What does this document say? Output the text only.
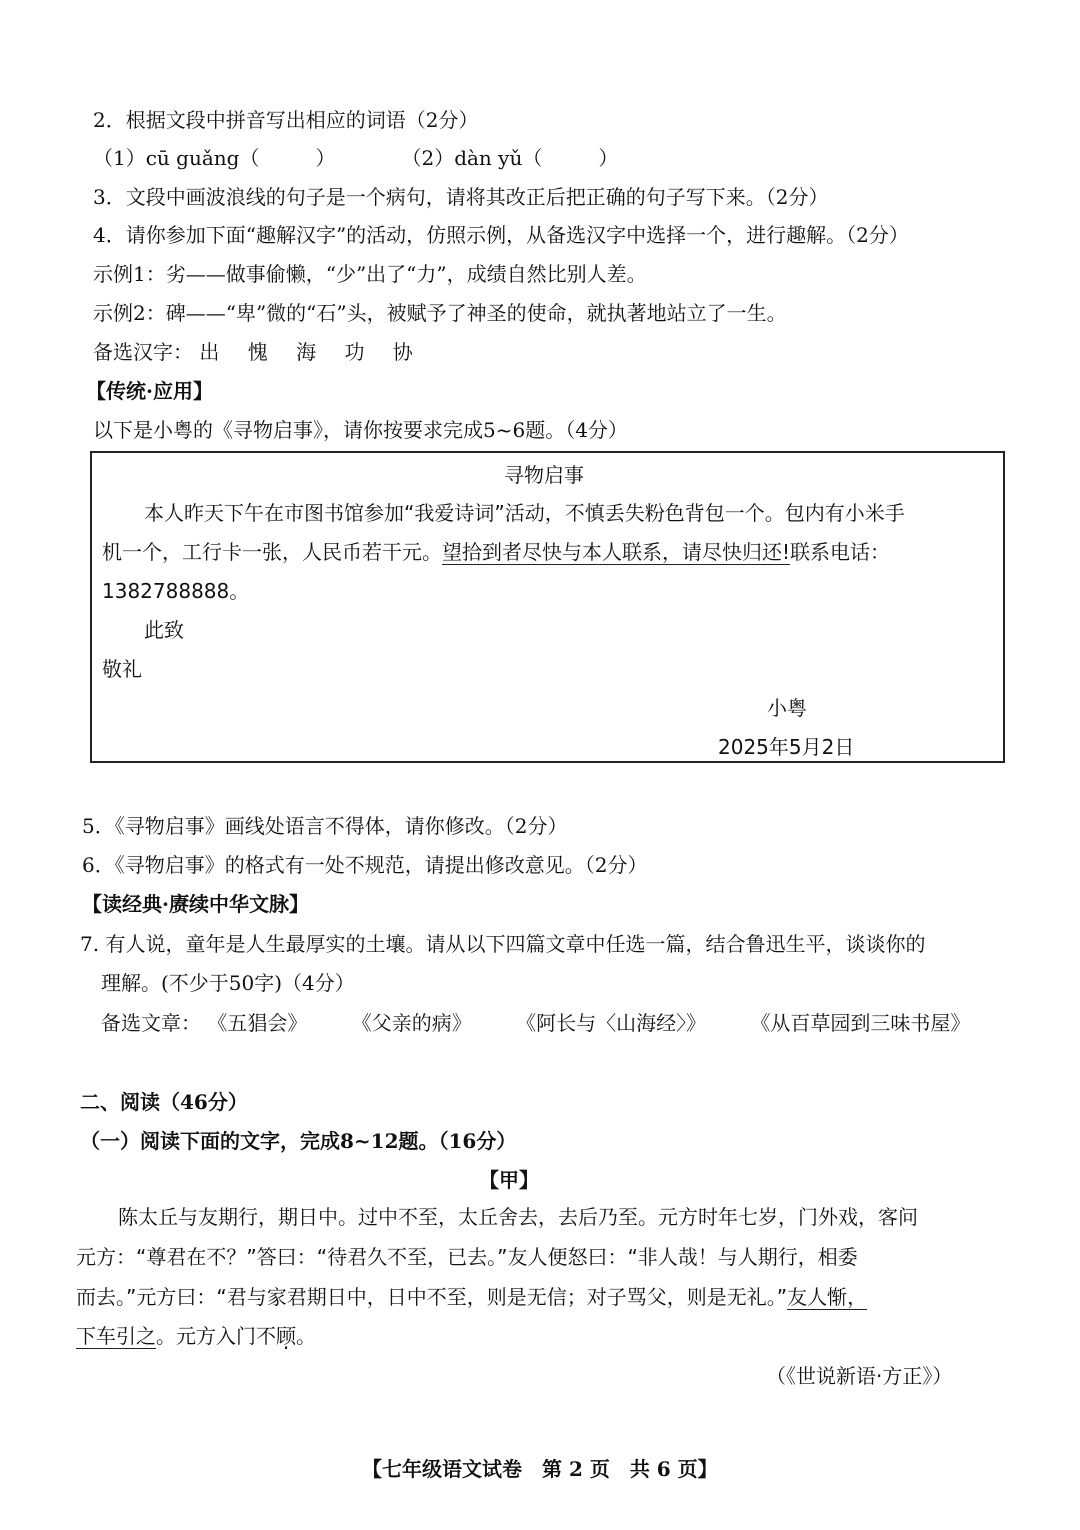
2．根据文段中拼音写出相应的词语（2分）
（1）cū guǎng（	）	（2）dàn yǔ（	）
3．文段中画波浪线的句子是一个病句，请将其改正后把正确的句子写下来。（2分）
4．请你参加下面“趣解汉字”的活动，仿照示例，从备选汉字中选择一个，进行趣解。（2分）
示例1：劣——做事偷懒，“少”出了“力”，成绩自然比别人差。
示例2：碑——“卑”微的“石”头，被赋予了神圣的使命，就执著地站立了一生。
备选汉字： 出 愧 海 功 协
【传统·应用】
以下是小粤的《寻物启事》，请你按要求完成5~6题。（4分）
寻物启事
本人昨天下午在市图书馆参加“我爱诗词”活动，不慎丢失粉色背包一个。包内有小米手
机一个，工行卡一张，人民币若干元。望拾到者尽快与本人联系，请尽快归还!联系电话：
1382788888。
此致
敬礼
小粤
2025年5月2日
5．《寻物启事》画线处语言不得体，请你修改。（2分）
6．《寻物启事》的格式有一处不规范，请提出修改意见。（2分）
【读经典·赓续中华文脉】
7. 有人说，童年是人生最厚实的土壤。请从以下四篇文章中任选一篇，结合鲁迅生平，谈谈你的
理解。(不少于50字)（4分）
备选文章： 《五猖会》 《父亲的病》 《阿长与〈山海经〉》 《从百草园到三味书屋》
二、阅读（46分）
（一）阅读下面的文字，完成8~12题。（16分）
【甲】
陈太丘与友期行，期日中。过中不至，太丘舍去，去后乃至。元方时年七岁，门外戏，客问
元方：“尊君在不？”答曰：“待君久不至，已去。”友人便怒曰：“非人哉！与人期行，相委
而去。”元方曰：“君与家君期日中，日中不至，则是无信；对子骂父，则是无礼。”友人惭，
下车引之。元方入门不顾。
（《世说新语·方正》）
【七年级语文试卷　第 2 页　共 6 页】
